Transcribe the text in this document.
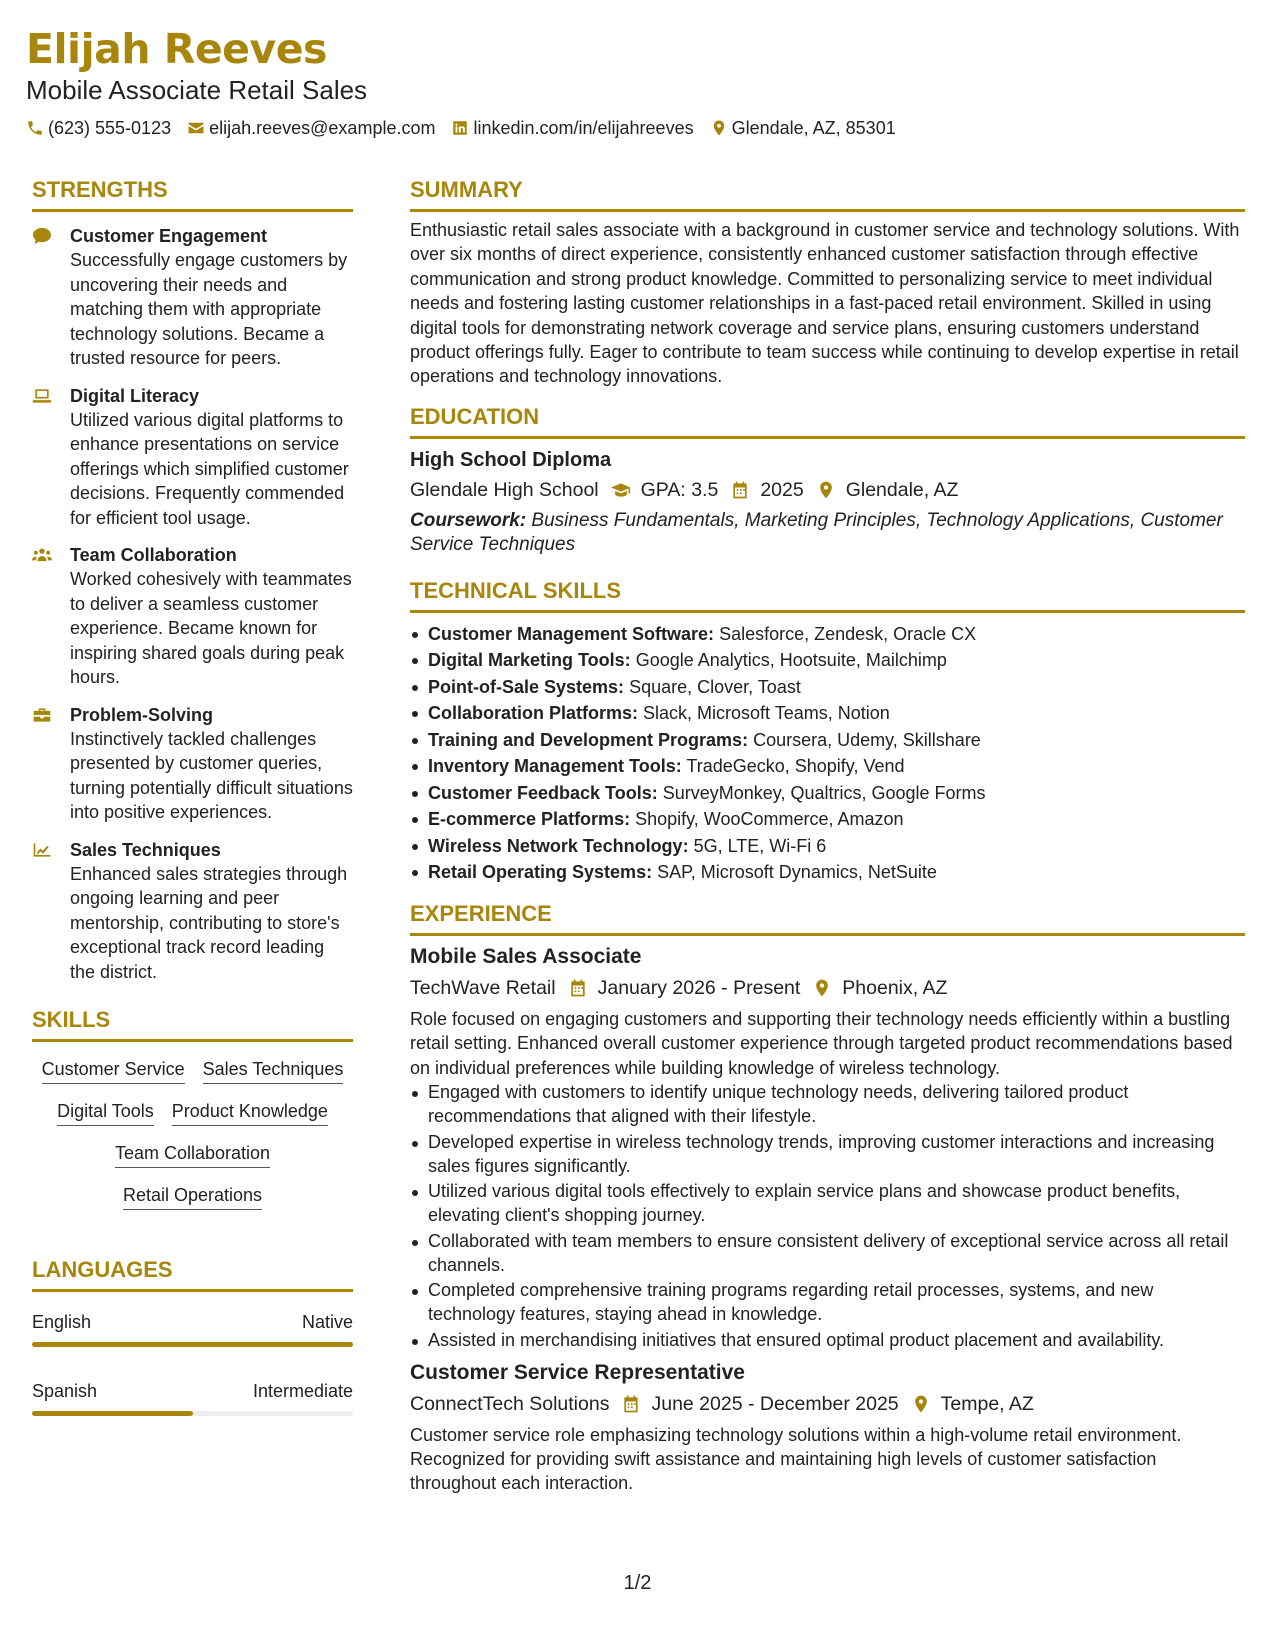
Elijah Reeves
Mobile Associate Retail Sales
(623) 555-0123 elijah.reeves@example.com linkedin.com/in/elijahreeves Glendale, AZ, 85301
STRENGTHS
Customer Engagement
Successfully engage customers by uncovering their needs and matching them with appropriate technology solutions. Became a trusted resource for peers.
Digital Literacy
Utilized various digital platforms to enhance presentations on service offerings which simplified customer decisions. Frequently commended for efficient tool usage.
Team Collaboration
Worked cohesively with teammates to deliver a seamless customer experience. Became known for inspiring shared goals during peak hours.
Problem-Solving
Instinctively tackled challenges presented by customer queries, turning potentially difficult situations into positive experiences.
Sales Techniques
Enhanced sales strategies through ongoing learning and peer mentorship, contributing to store's exceptional track record leading the district.
SKILLS
Customer Service Sales Techniques
Digital Tools Product Knowledge
Team Collaboration
Retail Operations
LANGUAGES
English	Native
Spanish	Intermediate
SUMMARY
Enthusiastic retail sales associate with a background in customer service and technology solutions. With over six months of direct experience, consistently enhanced customer satisfaction through effective communication and strong product knowledge. Committed to personalizing service to meet individual needs and fostering lasting customer relationships in a fast-paced retail environment. Skilled in using digital tools for demonstrating network coverage and service plans, ensuring customers understand product offerings fully. Eager to contribute to team success while continuing to develop expertise in retail operations and technology innovations.
EDUCATION
High School Diploma
Glendale High School GPA: 3.5 2025 Glendale, AZ
Coursework: Business Fundamentals, Marketing Principles, Technology Applications, Customer Service Techniques
TECHNICAL SKILLS
Customer Management Software: Salesforce, Zendesk, Oracle CX
Digital Marketing Tools: Google Analytics, Hootsuite, Mailchimp
Point-of-Sale Systems: Square, Clover, Toast
Collaboration Platforms: Slack, Microsoft Teams, Notion
Training and Development Programs: Coursera, Udemy, Skillshare
Inventory Management Tools: TradeGecko, Shopify, Vend
Customer Feedback Tools: SurveyMonkey, Qualtrics, Google Forms
E-commerce Platforms: Shopify, WooCommerce, Amazon
Wireless Network Technology: 5G, LTE, Wi-Fi 6
Retail Operating Systems: SAP, Microsoft Dynamics, NetSuite
EXPERIENCE
Mobile Sales Associate
TechWave Retail January 2026 - Present Phoenix, AZ
Role focused on engaging customers and supporting their technology needs efficiently within a bustling retail setting. Enhanced overall customer experience through targeted product recommendations based on individual preferences while building knowledge of wireless technology.
Engaged with customers to identify unique technology needs, delivering tailored product recommendations that aligned with their lifestyle.
Developed expertise in wireless technology trends, improving customer interactions and increasing sales figures significantly.
Utilized various digital tools effectively to explain service plans and showcase product benefits, elevating client's shopping journey.
Collaborated with team members to ensure consistent delivery of exceptional service across all retail channels.
Completed comprehensive training programs regarding retail processes, systems, and new technology features, staying ahead in knowledge.
Assisted in merchandising initiatives that ensured optimal product placement and availability.
Customer Service Representative
ConnectTech Solutions June 2025 - December 2025 Tempe, AZ
Customer service role emphasizing technology solutions within a high-volume retail environment. Recognized for providing swift assistance and maintaining high levels of customer satisfaction throughout each interaction.
1/2
